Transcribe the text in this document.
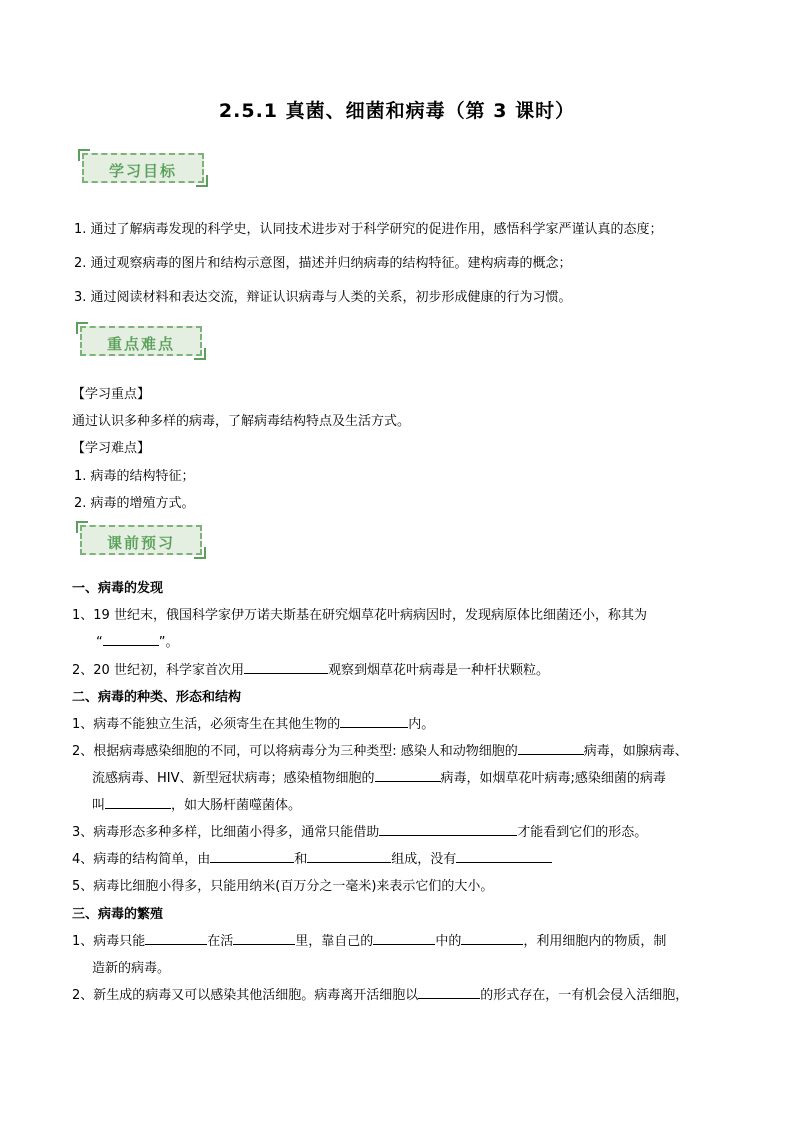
2.5.1 真菌、细菌和病毒（第 3 课时）
学习目标
1. 通过了解病毒发现的科学史，认同技术进步对于科学研究的促进作用，感悟科学家严谨认真的态度；
2. 通过观察病毒的图片和结构示意图，描述并归纳病毒的结构特征。建构病毒的概念；
3. 通过阅读材料和表达交流，辩证认识病毒与人类的关系，初步形成健康的行为习惯。
重点难点
【学习重点】
通过认识多种多样的病毒，了解病毒结构特点及生活方式。
【学习难点】
1. 病毒的结构特征；
2. 病毒的增殖方式。
课前预习
一、病毒的发现
1、19 世纪末，俄国科学家伊万诺夫斯基在研究烟草花叶病病因时，发现病原体比细菌还小，称其为
“	”。
2、20 世纪初，科学家首次用	观察到烟草花叶病毒是一种杆状颗粒。
二、病毒的种类、形态和结构
1、病毒不能独立生活，必须寄生在其他生物的	内。
2、根据病毒感染细胞的不同，可以将病毒分为三种类型: 感染人和动物细胞的	病毒，如腺病毒、
流感病毒、HIV、新型冠状病毒；感染植物细胞的	病毒，如烟草花叶病毒;感染细菌的病毒
叫	，如大肠杆菌噬菌体。
3、病毒形态多种多样，比细菌小得多，通常只能借助	才能看到它们的形态。
4、病毒的结构简单，由	和	组成，没有
5、病毒比细胞小得多，只能用纳米(百万分之一毫米)来表示它们的大小。
三、病毒的繁殖
1、病毒只能	在活	里，靠自己的	中的	，利用细胞内的物质，制
造新的病毒。
2、新生成的病毒又可以感染其他活细胞。病毒离开活细胞以	的形式存在，一有机会侵入活细胞，
